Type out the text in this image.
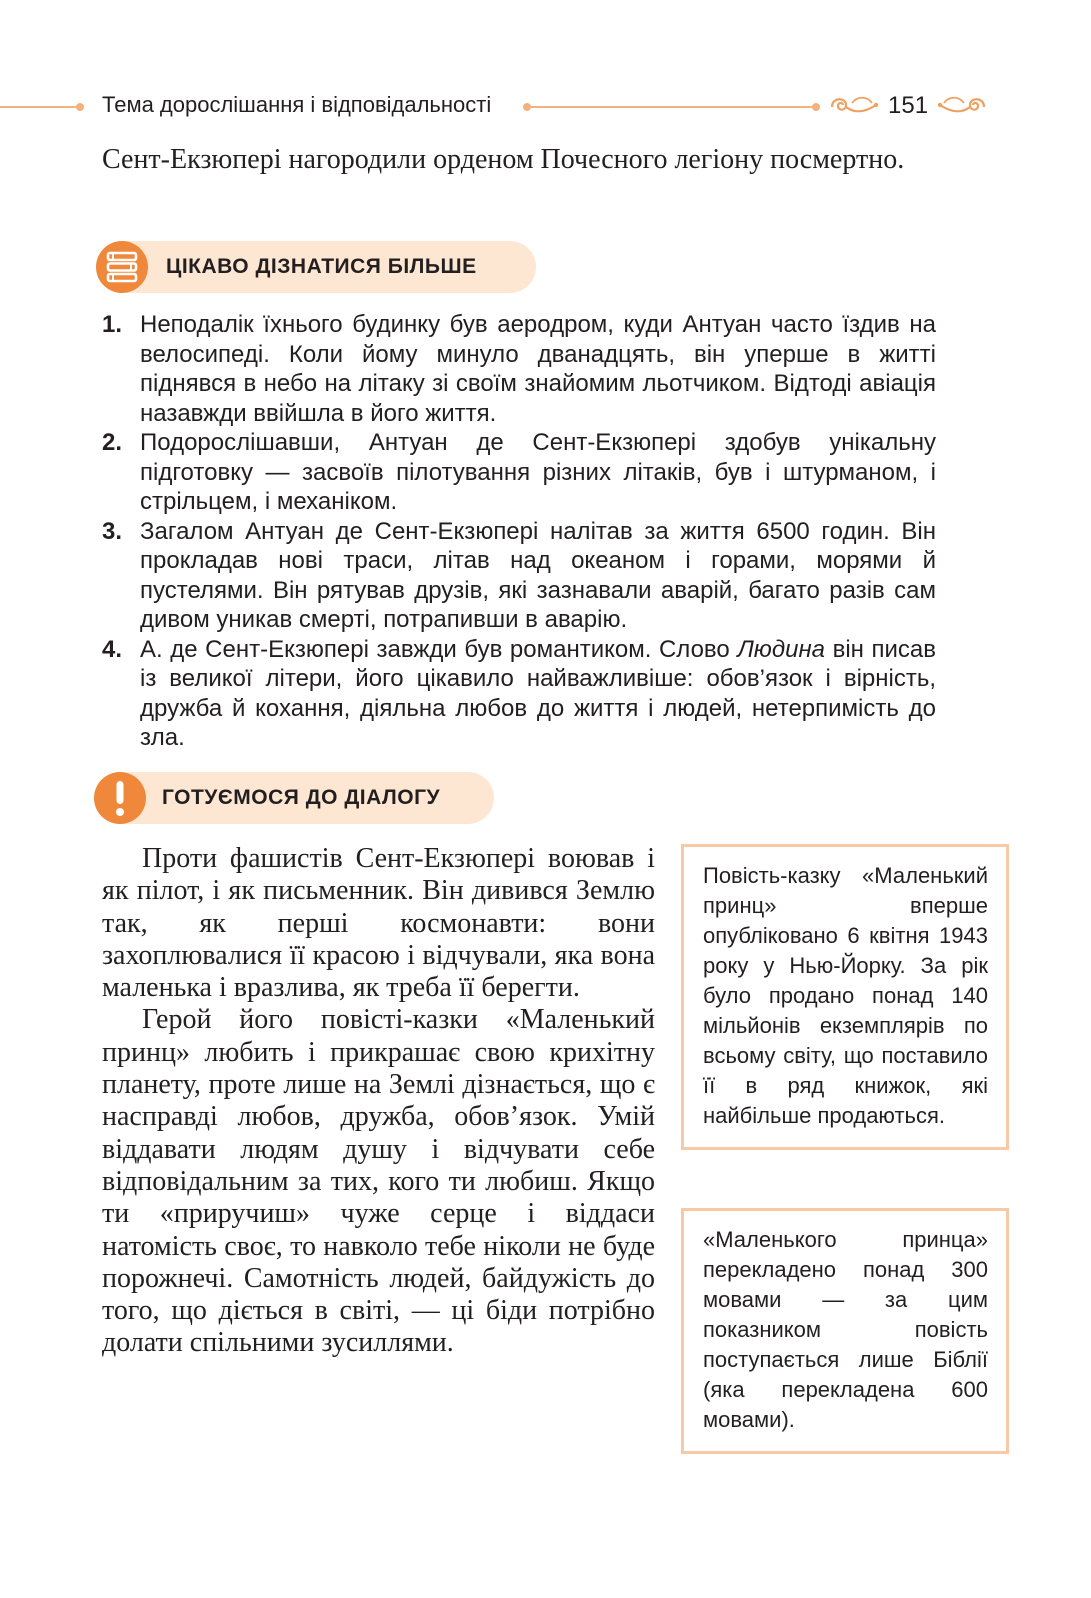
Тема дорослішання і відповідальності	151
Сент-Екзюпері нагородили орденом Почесного легіону посмертно.
ЦІКАВО ДІЗНАТИСЯ БІЛЬШЕ
1. Неподалік їхнього будинку був аеродром, куди Антуан часто їздив на велосипеді. Коли йому минуло дванадцять, він уперше в житті піднявся в небо на літаку зі своїм знайомим льотчиком. Відтоді авіація назавжди ввійшла в його життя.
2. Подорослішавши, Антуан де Сент-Екзюпері здобув унікальну підготовку — засвоїв пілотування різних літаків, був і штурманом, і стрільцем, і механіком.
3. Загалом Антуан де Сент-Екзюпері налітав за життя 6500 годин. Він прокладав нові траси, літав над океаном і горами, морями й пустелями. Він рятував друзів, які зазнавали аварій, багато разів сам дивом уникав смерті, потрапивши в аварію.
4. А. де Сент-Екзюпері завжди був романтиком. Слово Людина він писав із великої літери, його цікавило найважливіше: обов’язок і вірність, дружба й кохання, діяльна любов до життя і людей, нетерпимість до зла.
ГОТУЄМОСЯ ДО ДІАЛОГУ

Проти фашистів Сент-Екзюпері воював і як пілот, і як письменник. Він дивився Землю так, як перші космонавти: вони захоплювалися її красою і відчували, яка вона маленька і вразлива, як треба її берегти.

Герой його повісті-казки «Маленький принц» любить і прикрашає свою крихітну планету, проте лише на Землі дізнається, що є насправді любов, дружба, обов’язок. Умій віддавати людям душу і відчувати себе відповідальним за тих, кого ти любиш. Якщо ти «приручиш» чуже серце і віддаси натомість своє, то навколо тебе ніколи не буде порожнечі. Самотність людей, байдужість до того, що діється в світі, — ці біди потрібно долати спільними зусиллями.

Повість-казку «Маленький принц» вперше опубліковано 6 квітня 1943 року у Нью-Йорку. За рік було продано понад 140 мільйонів екземплярів по всьому світу, що поставило її в ряд книжок, які найбільше продаються.
«Маленького принца» перекладено понад 300 мовами — за цим показником повість поступається лише Біблії (яка перекладена 600 мовами).
